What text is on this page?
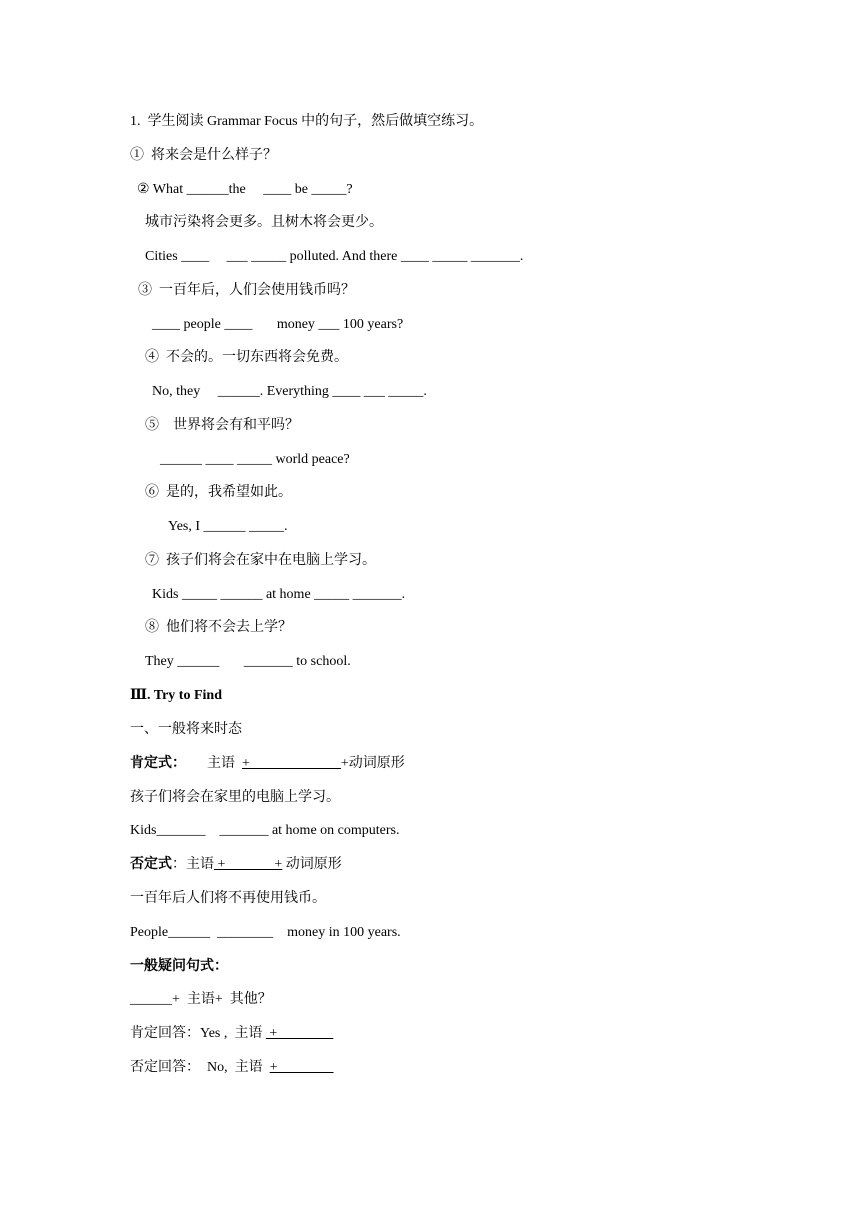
1.  学生阅读 Grammar Focus 中的句子，然后做填空练习。
①  将来会是什么样子？
② What ______the     ____ be _____?
城市污染将会更多。且树木将会更少。
Cities ____     ___ _____ polluted. And there ____ _____ _______.
③  一百年后，人们会使用钱币吗？
____ people ____       money ___ 100 years?
④  不会的。一切东西将会免费。
No, they     ______. Everything ____ ___ _____.
⑤    世界将会有和平吗？
______ ____ _____ world peace?
⑥  是的，我希望如此。
Yes, I ______ _____.
⑦  孩子们将会在家中在电脑上学习。
Kids _____ ______ at home _____ _______.
⑧  他们将不会去上学？
They ______       _______ to school.
Ⅲ. Try to Find
一、一般将来时态
肯定式： 主语  +                          +动词原形
孩子们将会在家里的电脑上学习。
Kids_______ _______ at home on computers.
否定式：主语 +              + 动词原形
一百年后人们将不再使用钱币。
People______ ________ money in 100 years.
一般疑问句式：
______+  主语+  其他？
肯定回答：Yes ,  主语  +
否定回答：  No,  主语  +
